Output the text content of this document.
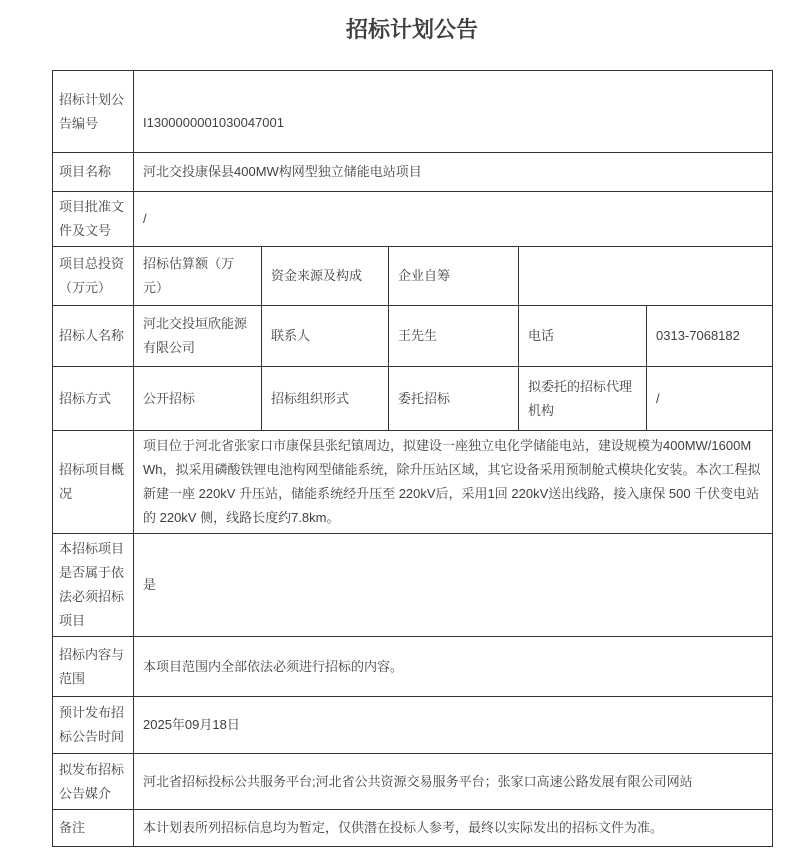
招标计划公告
招标计划公告编号	I1300000001030047001				
项目名称	河北交投康保县400MW构网型独立储能电站项目				
项目批准文件及文号	/				
项目总投资（万元）	招标估算额（万元）	资金来源及构成	企业自筹		
招标人名称	河北交投垣欣能源有限公司	联系人	王先生	电话	0313-7068182
招标方式	公开招标	招标组织形式	委托招标	拟委托的招标代理机构	/
招标项目概况	项目位于河北省张家口市康保县张纪镇周边，拟建设一座独立电化学储能电站，建设规模为400MW/1600MWh，拟采用磷酸铁锂电池构网型储能系统，除升压站区域，其它设备采用预制舱式模块化安装。本次工程拟新建一座 220kV 升压站，储能系统经升压至 220kV后，采用1回 220kV送出线路，接入康保 500 千伏变电站的 220kV 侧，线路长度约7.8km。				
本招标项目是否属于依法必须招标项目	是				
招标内容与范围	本项目范围内全部依法必须进行招标的内容。				
预计发布招标公告时间	2025年09月18日				
拟发布招标公告媒介	河北省招标投标公共服务平台;河北省公共资源交易服务平台；张家口高速公路发展有限公司网站				
备注	本计划表所列招标信息均为暂定，仅供潜在投标人参考，最终以实际发出的招标文件为准。				
